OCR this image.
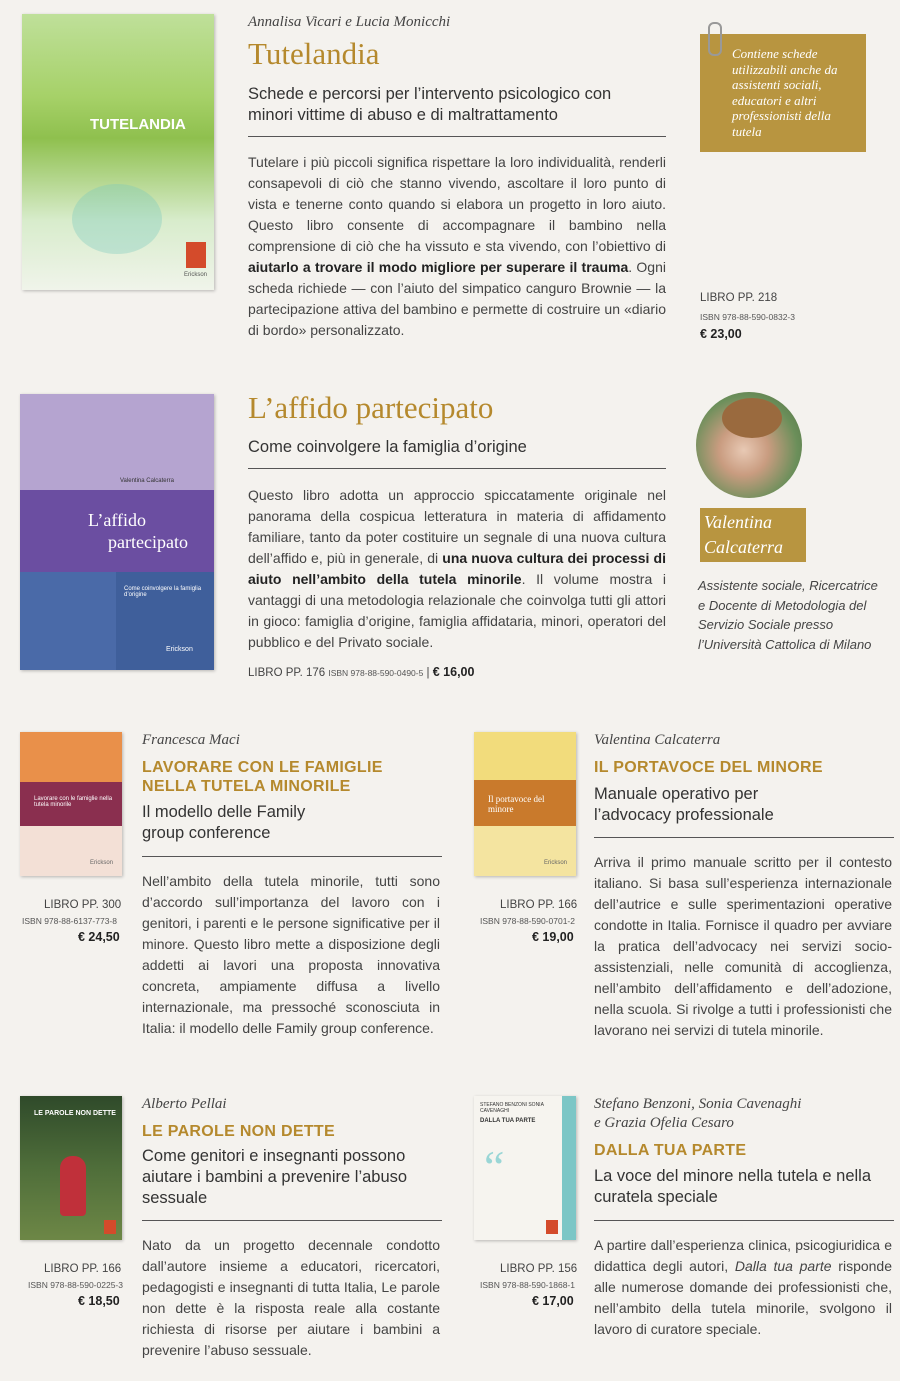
TUTELANDIA
Erickson
Annalisa Vicari e Lucia Monicchi
Tutelandia
Schede e percorsi per l’intervento psicologico con minori vittime di abuso e di maltrattamento
Tutelare i più piccoli significa rispettare la loro individualità, renderli consapevoli di ciò che stanno vivendo, ascoltare il loro punto di vista e tenerne conto quando si elabora un progetto in loro aiuto. Questo libro consente di accompagnare il bambino nella comprensione di ciò che ha vissuto e sta vivendo, con l’obiettivo di aiutarlo a trovare il modo migliore per superare il trauma. Ogni scheda richiede — con l’aiuto del simpatico canguro Brownie — la partecipazione attiva del bambino e permette di costruire un «diario di bordo» personalizzato.
Contiene schede utilizzabili anche da assistenti sociali, educatori e altri professionisti della tutela
LIBRO PP. 218
ISBN 978-88-590-0832-3
€ 23,00
Valentina Calcaterra
L’affido
partecipato
Come coinvolgere la famiglia d’origine
Erickson
L’affido partecipato
Come coinvolgere la famiglia d’origine
Questo libro adotta un approccio spiccatamente originale nel panorama della cospicua letteratura in materia di affidamento familiare, tanto da poter costituire un segnale di una nuova cultura dell’affido e, più in generale, di una nuova cultura dei processi di aiuto nell’ambito della tutela minorile. Il volume mostra i vantaggi di una metodologia relazionale che coinvolga tutti gli attori in gioco: famiglia d’origine, famiglia affidataria, minori, operatori del pubblico e del Privato sociale.
LIBRO PP. 176 ISBN 978-88-590-0490-5 | € 16,00
Valentina
Calcaterra
Assistente sociale, Ricercatrice e Docente di Metodologia del Servizio Sociale presso l’Università Cattolica di Milano
Lavorare con le famiglie nella tutela minorile
Erickson
LIBRO PP. 300
ISBN 978-88-6137-773-8
€ 24,50
Francesca Maci
LAVORARE CON LE FAMIGLIE
NELLA TUTELA MINORILE
Il modello delle Family group conference
Nell’ambito della tutela minorile, tutti sono d’accordo sull’importanza del lavoro con i genitori, i parenti e le persone significative per il minore. Questo libro mette a disposizione degli addetti ai lavori una proposta innovativa concreta, ampiamente diffusa a livello internazionale, ma pressoché sconosciuta in Italia: il modello delle Family group conference.
Il portavoce del minore
Erickson
LIBRO PP. 166
ISBN 978-88-590-0701-2
€ 19,00
Valentina Calcaterra
IL PORTAVOCE DEL MINORE
Manuale operativo per l’advocacy professionale
Arriva il primo manuale scritto per il contesto italiano. Si basa sull’esperienza internazionale dell’autrice e sulle sperimentazioni operative condotte in Italia. Fornisce il quadro per avviare la pratica dell’advocacy nei servizi socio-assistenziali, nelle comunità di accoglienza, nell’ambito dell’affidamento e dell’adozione, nella scuola. Si rivolge a tutti i professionisti che lavorano nei servizi di tutela minorile.
LE PAROLE NON DETTE
LIBRO PP. 166
ISBN 978-88-590-0225-3
€ 18,50
Alberto Pellai
LE PAROLE NON DETTE
Come genitori e insegnanti possono aiutare i bambini a prevenire l’abuso sessuale
Nato da un progetto decennale condotto dall’autore insieme a educatori, ricercatori, pedagogisti e insegnanti di tutta Italia, Le parole non dette è la risposta reale alla costante richiesta di risorse per aiutare i bambini a prevenire l’abuso sessuale.
STEFANO BENZONI SONIA CAVENAGHI
DALLA TUA PARTE
“
LIBRO PP. 156
ISBN 978-88-590-1868-1
€ 17,00
Stefano Benzoni, Sonia Cavenaghi
e Grazia Ofelia Cesaro
DALLA TUA PARTE
La voce del minore nella tutela e nella curatela speciale
A partire dall’esperienza clinica, psicogiuridica e didattica degli autori, Dalla tua parte risponde alle numerose domande dei professionisti che, nell’ambito della tutela minorile, svolgono il lavoro di curatore speciale.
